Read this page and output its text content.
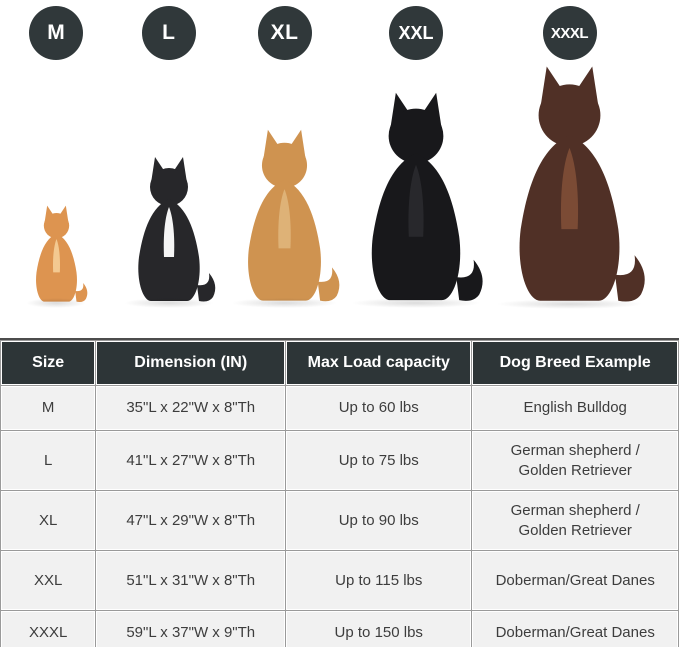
M	L	XL	XXL	XXXL
Size	Dimension (IN)	Max Load capacity	Dog Breed Example
M	35"L x 22"W x 8"Th	Up to 60 lbs	English Bulldog
L	41"L x 27"W x 8"Th	Up to 75 lbs	German shepherd / Golden Retriever
XL	47"L x 29"W x 8"Th	Up to 90 lbs	German shepherd / Golden Retriever
XXL	51"L x 31"W x 8"Th	Up to 115 lbs	Doberman/Great Danes
XXXL	59"L x 37"W x 9"Th	Up to 150 lbs	Doberman/Great Danes
